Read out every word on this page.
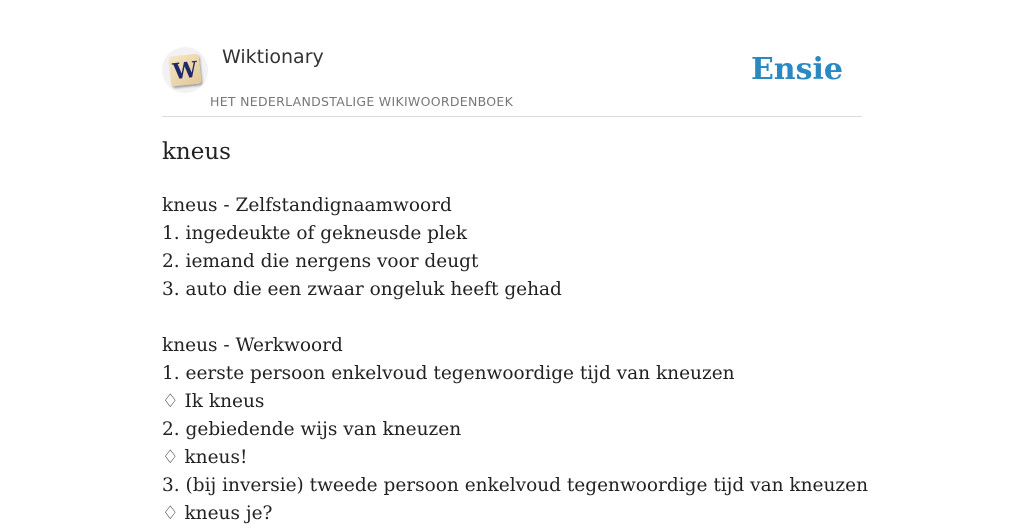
W Wiktionary
HET NEDERLANDSTALIGE WIKIWOORDENBOEK
Ensie
kneus
kneus - Zelfstandignaamwoord
1. ingedeukte of gekneusde plek
2. iemand die nergens voor deugt
3. auto die een zwaar ongeluk heeft gehad
kneus - Werkwoord
1. eerste persoon enkelvoud tegenwoordige tijd van kneuzen
♢ Ik kneus
2. gebiedende wijs van kneuzen
♢ kneus!
3. (bij inversie) tweede persoon enkelvoud tegenwoordige tijd van kneuzen
♢ kneus je?
